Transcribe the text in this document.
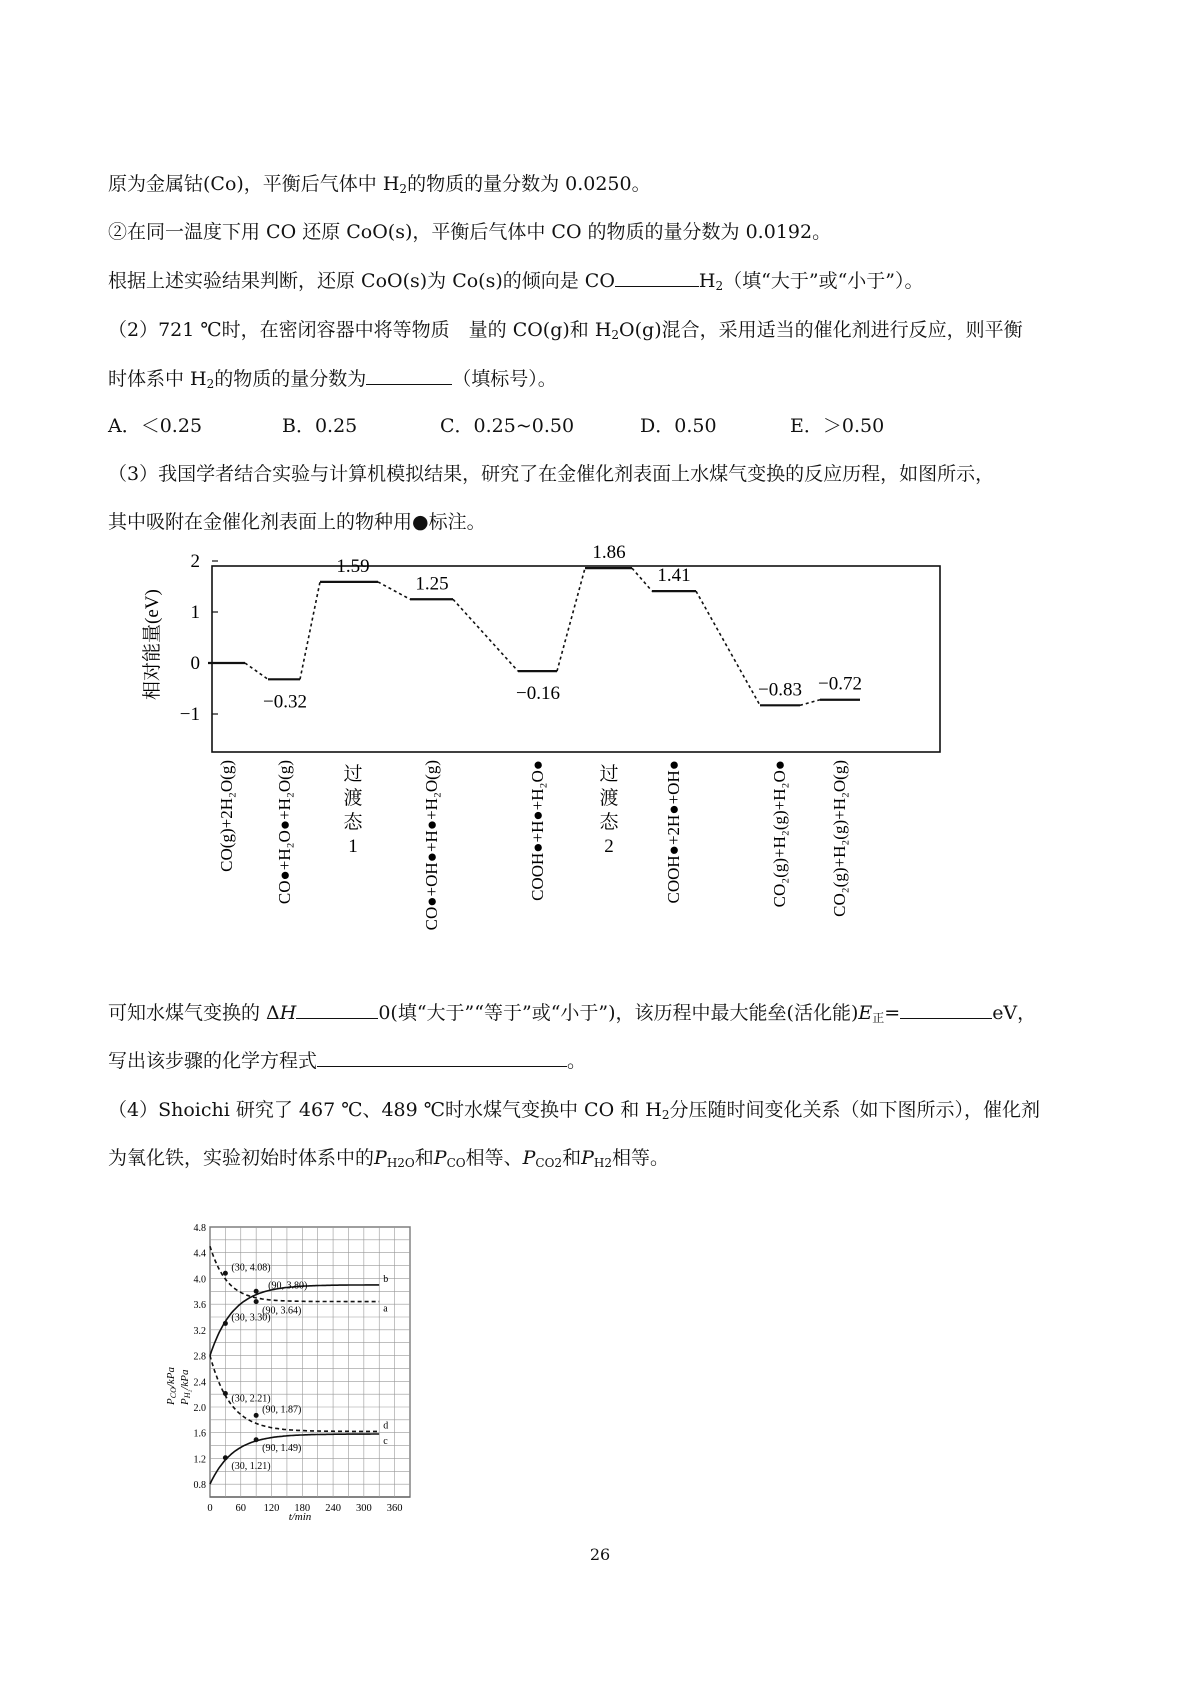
原为金属钴(Co)，平衡后气体中 $H_2$的物质的量分数为 0.0250。
②在同一温度下用 CO 还原 CoO(s)，平衡后气体中 CO 的物质的量分数为 0.0192。
根据上述实验结果判断，还原 CoO(s)为 Co(s)的倾向是 CO	$H_2$（填“大于”或“小于”）。
（2）721 ℃时，在密闭容器中将等物质　量的 CO(g)和 $H_2O(g)$混合，采用适当的催化剂进行反应，则平衡
时体系中 $H_2$的物质的量分数为	（填标号）。
A．＜0.25	B．0.25	C．0.25~0.50	D．0.50	E．＞0.50
（3）我国学者结合实验与计算机模拟结果，研究了在金催化剂表面上水煤气变换的反应历程，如图所示，
其中吸附在金催化剂表面上的物种用●标注。
2
1
0
−1
相对能量(eV)
−0.32
1.59
1.25
−0.16
1.86
1.41
−0.83 −0.72
CO(g)+2H₂O(g) CO●+H₂O●+H₂O(g)	CO●+OH●+H●+H₂O(g)	COOH●+H●+H₂O●	COOH●+2H●+OH●	CO₂(g)+H₂(g)+H₂O● CO₂(g)+H₂(g)+H₂O(g)
过
渡
态
1
过
渡
态
2
可知水煤气变换的 ΔH	0(填“大于”“等于”或“小于”)，该历程中最大能垒(活化能)$E_正=$	eV，
写出该步骤的化学方程式	。
（4）Shoichi 研究了 467 ℃、489 ℃时水煤气变换中 CO 和 $H_2$分压随时间变化关系（如下图所示），催化剂
为氧化铁，实验初始时体系中的$P_{H2O}$和$P_{CO}$相等、$P_{CO2}$和$P_{H2}$相等。
a
b
c
d
(30, 4.08)
(90, 3.80)
(90, 3.64)
(30, 3.30)
(30, 2.21)
(90, 1.87)
(90, 1.49)
(30, 1.21)
0 60 120 180 240 300 360
0.8
1.2
1.6
2.0
2.4
2.8
3.2
3.6
4.0
4.4
4.8
PCO/kPa
PH₂/kPa
t/min
26
